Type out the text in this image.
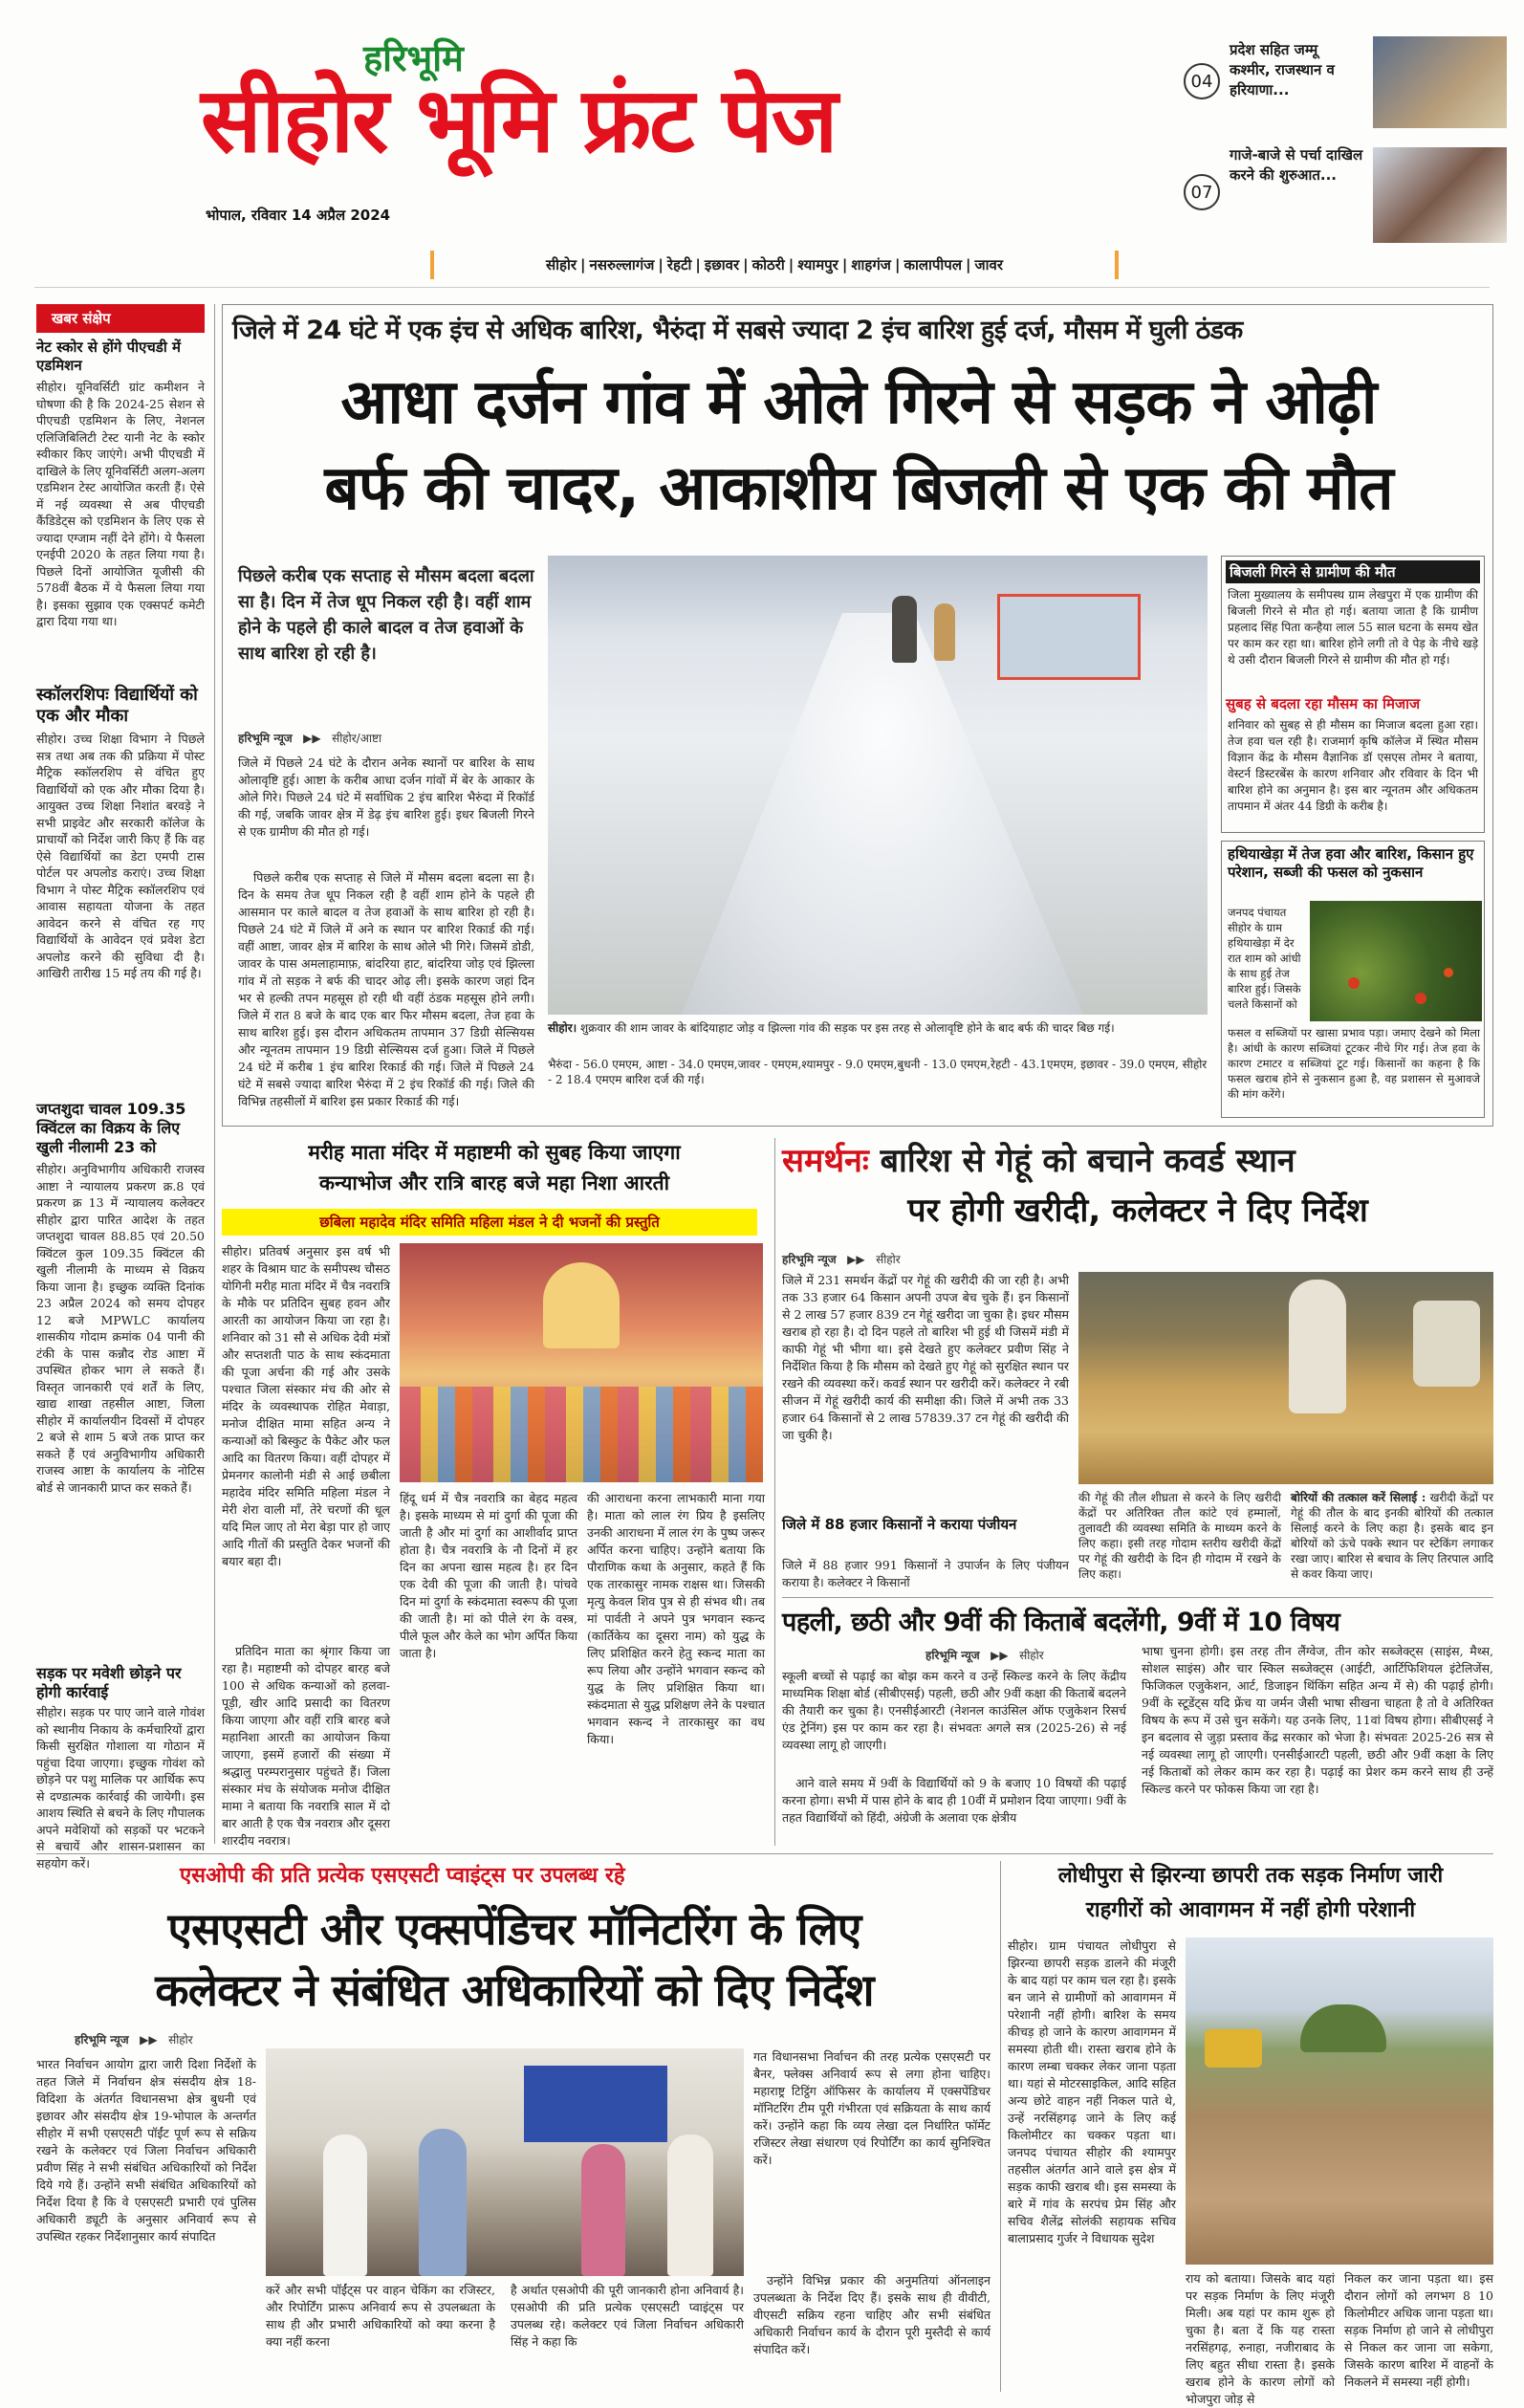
हरिभूमि
सीहोर भूमि फ्रंट पेज
भोपाल, रविवार 14 अप्रैल 2024
04
प्रदेश सहित जम्मू कश्मीर, राजस्थान व हरियाणा...
07
गाजे-बाजे से पर्चा दाखिल करने की शुरुआत...
सीहोर | नसरुल्लागंज | रेहटी | इछावर | कोठरी | श्यामपुर | शाहगंज | कालापीपल | जावर
खबर संक्षेप
नेट स्कोर से होंगे पीएचडी में एडमिशन
सीहोर। यूनिवर्सिटी ग्रांट कमीशन ने घोषणा की है कि 2024-25 सेशन से पीएचडी एडमिशन के लिए, नेशनल एलिजिबिलिटी टेस्ट यानी नेट के स्कोर स्वीकार किए जाएंगे। अभी पीएचडी में दाखिले के लिए यूनिवर्सिटी अलग-अलग एडमिशन टेस्ट आयोजित करती हैं। ऐसे में नई व्यवस्था से अब पीएचडी कैंडिडेट्स को एडमिशन के लिए एक से ज्यादा एग्जाम नहीं देने होंगे। ये फैसला एनईपी 2020 के तहत लिया गया है। पिछले दिनों आयोजित यूजीसी की 578वीं बैठक में ये फैसला लिया गया है। इसका सुझाव एक एक्सपर्ट कमेटी द्वारा दिया गया था।
स्कॉलरशिपः विद्यार्थियों को एक और मौका
सीहोर। उच्च शिक्षा विभाग ने पिछले सत्र तथा अब तक की प्रक्रिया में पोस्ट मैट्रिक स्कॉलरशिप से वंचित हुए विद्यार्थियों को एक और मौका दिया है। आयुक्त उच्च शिक्षा निशांत बरवड़े ने सभी प्राइवेट और सरकारी कॉलेज के प्राचार्यों को निर्देश जारी किए हैं कि वह ऐसे विद्यार्थियों का डेटा एमपी टास पोर्टल पर अपलोड कराएं। उच्च शिक्षा विभाग ने पोस्ट मैट्रिक स्कॉलरशिप एवं आवास सहायता योजना के तहत आवेदन करने से वंचित रह गए विद्यार्थियों के आवेदन एवं प्रवेश डेटा अपलोड करने की सुविधा दी है। आखिरी तारीख 15 मई तय की गई है।
जप्तशुदा चावल 109.35 क्विंटल का विक्रय के लिए खुली नीलामी 23 को
सीहोर। अनुविभागीय अधिकारी राजस्व आष्टा ने न्यायालय प्रकरण क्र.8 एवं प्रकरण क्र 13 में न्यायालय कलेक्टर सीहोर द्वारा पारित आदेश के तहत जप्तशुदा चावल 88.85 एवं 20.50 क्विंटल कुल 109.35 क्विंटल की खुली नीलामी के माध्यम से विक्रय किया जाना है। इच्छुक व्यक्ति दिनांक 23 अप्रैल 2024 को समय दोपहर 12 बजे MPWLC कार्यालय शासकीय गोदाम क्रमांक 04 पानी की टंकी के पास कन्नौद रोड आष्टा में उपस्थित होकर भाग ले सकते हैं। विस्तृत जानकारी एवं शर्तें के लिए, खाद्य शाखा तहसील आष्टा, जिला सीहोर में कार्यालयीन दिवसों में दोपहर 2 बजे से शाम 5 बजे तक प्राप्त कर सकते हैं एवं अनुविभागीय अधिकारी राजस्व आष्टा के कार्यालय के नोटिस बोर्ड से जानकारी प्राप्त कर सकते हैं।
सड़क पर मवेशी छोड़ने पर होगी कार्रवाई
सीहोर। सड़क पर पाए जाने वाले गोवंश को स्थानीय निकाय के कर्मचारियों द्वारा किसी सुरक्षित गोशाला या गोठान में पहुंचा दिया जाएगा। इच्छुक गोवंश को छोड़ने पर पशु मालिक पर आर्थिक रूप से दण्डात्मक कार्रवाई की जायेगी। इस आशय स्थिति से बचने के लिए गौपालक अपने मवेशियों को सड़कों पर भटकने से बचायें और शासन-प्रशासन का सहयोग करें।
जिले में 24 घंटे में एक इंच से अधिक बारिश, भैरुंदा में सबसे ज्यादा 2 इंच बारिश हुई दर्ज, मौसम में घुली ठंडक
आधा दर्जन गांव में ओले गिरने से सड़क ने ओढ़ी
बर्फ की चादर, आकाशीय बिजली से एक की मौत
पिछले करीब एक सप्ताह से मौसम बदला बदला सा है। दिन में तेज धूप निकल रही है। वहीं शाम होने के पहले ही काले बादल व तेज हवाओं के साथ बारिश हो रही है।
हरिभूमि न्यूज ▶▶ सीहोर/आष्टा
जिले में पिछले 24 घंटे के दौरान अनेक स्थानों पर बारिश के साथ ओलावृष्टि हुई। आष्टा के करीब आधा दर्जन गांवों में बेर के आकार के ओले गिरे। पिछले 24 घंटे में सर्वाधिक 2 इंच बारिश भैरुंदा में रिकॉर्ड की गई, जबकि जावर क्षेत्र में डेढ़ इंच बारिश हुई। इधर बिजली गिरने से एक ग्रामीण की मौत हो गई।
पिछले करीब एक सप्ताह से जिले में मौसम बदला बदला सा है। दिन के समय तेज धूप निकल रही है वहीं शाम होने के पहले ही आसमान पर काले बादल व तेज हवाओं के साथ बारिश हो रही है। पिछले 24 घंटे में जिले में अने क स्थान पर बारिश रिकार्ड की गई। वहीं आष्टा, जावर क्षेत्र में बारिश के साथ ओले भी गिरे। जिसमें डोडी, जावर के पास अमलाहामाफ़, बांदरिया हाट, बांदरिया जोड़ एवं झिल्ला गांव में तो सड़क ने बर्फ की चादर ओढ़ ली। इसके कारण जहां दिन भर से हल्की तपन महसूस हो रही थी वहीं ठंडक महसूस होने लगी। जिले में रात 8 बजे के बाद एक बार फिर मौसम बदला, तेज हवा के साथ बारिश हुई। इस दौरान अधिकतम तापमान 37 डिग्री सेल्सियस और न्यूनतम तापमान 19 डिग्री सेल्सियस दर्ज हुआ। जिले में पिछले 24 घंटे में करीब 1 इंच बारिश रिकार्ड की गई। जिले में पिछले 24 घंटे में सबसे ज्यादा बारिश भैरुंदा में 2 इंच रिकॉर्ड की गई। जिले की विभिन्न तहसीलों में बारिश इस प्रकार रिकार्ड की गई।
सीहोर। शुक्रवार की शाम जावर के बांदियाहाट जोड़ व झिल्ला गांव की सड़क पर इस तरह से ओलावृष्टि होने के बाद बर्फ की चादर बिछ गई।
भैरुंदा - 56.0 एमएम, आष्टा - 34.0 एमएम,जावर - एमएम,श्यामपुर - 9.0 एमएम,बुधनी - 13.0 एमएम,रेहटी - 43.1एमएम, इछावर - 39.0 एमएम, सीहोर - 2 18.4 एमएम बारिश दर्ज की गई।
बिजली गिरने से ग्रामीण की मौत
जिला मुख्यालय के समीपस्थ ग्राम लेखपुरा में एक ग्रामीण की बिजली गिरने से मौत हो गई। बताया जाता है कि ग्रामीण प्रहलाद सिंह पिता कन्हैया लाल 55 साल घटना के समय खेत पर काम कर रहा था। बारिश होने लगी तो वे पेड़ के नीचे खड़े थे उसी दौरान बिजली गिरने से ग्रामीण की मौत हो गई।
सुबह से बदला रहा मौसम का मिजाज
शनिवार को सुबह से ही मौसम का मिजाज बदला हुआ रहा। तेज हवा चल रही है। राजमार्ग कृषि कॉलेज में स्थित मौसम विज्ञान केंद्र के मौसम वैज्ञानिक डॉ एसएस तोमर ने बताया, वेस्टर्न डिस्टरबेंस के कारण शनिवार और रविवार के दिन भी बारिश होने का अनुमान है। इस बार न्यूनतम और अधिकतम तापमान में अंतर 44 डिग्री के करीब है।
हथियाखेड़ा में तेज हवा और बारिश, किसान हुए परेशान, सब्जी की फसल को नुकसान
जनपद पंचायत सीहोर के ग्राम हथियाखेड़ा में देर रात शाम को आंधी के साथ हुई तेज बारिश हुई। जिसके चलते किसानों को
फसल व सब्जियों पर खासा प्रभाव पड़ा। जमाए देखने को मिला है। आंधी के कारण सब्जियां टूटकर नीचे गिर गई। तेज हवा के कारण टमाटर व सब्जियां टूट गई। किसानों का कहना है कि फसल खराब होने से नुकसान हुआ है, वह प्रशासन से मुआवजे की मांग करेंगे।
मरीह माता मंदिर में महाष्टमी को सुबह किया जाएगा
कन्याभोज और रात्रि बारह बजे महा निशा आरती
छबिला महादेव मंदिर समिति महिला मंडल ने दी भजनों की प्रस्तुति
सीहोर। प्रतिवर्ष अनुसार इस वर्ष भी शहर के विश्राम घाट के समीपस्थ चौसठ योगिनी मरीह माता मंदिर में चैत्र नवरात्रि के मौके पर प्रतिदिन सुबह हवन और आरती का आयोजन किया जा रहा है। शनिवार को 31 सौ से अधिक देवी मंत्रों और सप्तशती पाठ के साथ स्कंदमाता की पूजा अर्चना की गई और उसके पश्चात जिला संस्कार मंच की ओर से मंदिर के व्यवस्थापक रोहित मेवाड़ा, मनोज दीक्षित मामा सहित अन्य ने कन्याओं को बिस्कुट के पैकेट और फल आदि का वितरण किया। वहीं दोपहर में प्रेमनगर कालोनी मंडी से आई छबीला महादेव मंदिर समिति महिला मंडल ने मेरी शेरा वाली माँ, तेरे चरणों की धूल यदि मिल जाए तो मेरा बेड़ा पार हो जाए आदि गीतों की प्रस्तुति देकर भजनों की बयार बहा दी।
प्रतिदिन माता का श्रृंगार किया जा रहा है। महाष्टमी को दोपहर बारह बजे 100 से अधिक कन्याओं को हलवा-पूड़ी, खीर आदि प्रसादी का वितरण किया जाएगा और वहीं रात्रि बारह बजे महानिशा आरती का आयोजन किया जाएगा, इसमें हजारों की संख्या में श्रद्धालु परम्परानुसार पहुंचते हैं। जिला संस्कार मंच के संयोजक मनोज दीक्षित मामा ने बताया कि नवरात्रि साल में दो बार आती है एक चैत्र नवरात्र और दूसरा शारदीय नवरात्र।
हिंदू धर्म में चैत्र नवरात्रि का बेहद महत्व है। इसके माध्यम से मां दुर्गा की पूजा की जाती है और मां दुर्गा का आशीर्वाद प्राप्त होता है। चैत्र नवरात्रि के नौ दिनों में हर दिन का अपना खास महत्व है। हर दिन एक देवी की पूजा की जाती है। पांचवे दिन मां दुर्गा के स्कंदमाता स्वरूप की पूजा की जाती है। मां को पीले रंग के वस्त्र, पीले फूल और केले का भोग अर्पित किया जाता है।
की आराधना करना लाभकारी माना गया है। माता को लाल रंग प्रिय है इसलिए उनकी आराधना में लाल रंग के पुष्प जरूर अर्पित करना चाहिए। उन्होंने बताया कि पौराणिक कथा के अनुसार, कहते हैं कि एक तारकासुर नामक राक्षस था। जिसकी मृत्यु केवल शिव पुत्र से ही संभव थी। तब मां पार्वती ने अपने पुत्र भगवान स्कन्द (कार्तिकेय का दूसरा नाम) को युद्ध के लिए प्रशिक्षित करने हेतु स्कन्द माता का रूप लिया और उन्होंने भगवान स्कन्द को युद्ध के लिए प्रशिक्षित किया था। स्कंदमाता से युद्ध प्रशिक्षण लेने के पश्चात भगवान स्कन्द ने तारकासुर का वध किया।
समर्थनः बारिश से गेहूं को बचाने कवर्ड स्थान
पर होगी खरीदी, कलेक्टर ने दिए निर्देश
हरिभूमि न्यूज ▶▶ सीहोर
जिले में 231 समर्थन केंद्रों पर गेहूं की खरीदी की जा रही है। अभी तक 33 हजार 64 किसान अपनी उपज बेच चुके हैं। इन किसानों से 2 लाख 57 हजार 839 टन गेहूं खरीदा जा चुका है। इधर मौसम खराब हो रहा है। दो दिन पहले तो बारिश भी हुई थी जिसमें मंडी में काफी गेहूं भी भीगा था। इसे देखते हुए कलेक्टर प्रवीण सिंह ने निर्देशित किया है कि मौसम को देखते हुए गेहूं को सुरक्षित स्थान पर रखने की व्यवस्था करें। कवर्ड स्थान पर खरीदी करें। कलेक्टर ने रबी सीजन में गेहूं खरीदी कार्य की समीक्षा की। जिले में अभी तक 33 हजार 64 किसानों से 2 लाख 57839.37 टन गेहूं की खरीदी की जा चुकी है।
जिले में 88 हजार किसानों ने कराया पंजीयन
जिले में 88 हजार 991 किसानों ने उपार्जन के लिए पंजीयन कराया है। कलेक्टर ने किसानों
की गेहूं की तौल शीघ्रता से करने के लिए खरीदी केंद्रों पर अतिरिक्त तौल कांटे एवं हम्मालों, तुलावटी की व्यवस्था समिति के माध्यम करने के लिए कहा। इसी तरह गोदाम स्तरीय खरीदी केंद्रों पर गेहूं की खरीदी के दिन ही गोदाम में रखने के लिए कहा।
बोरियों की तत्काल करें सिलाई : खरीदी केंद्रों पर गेहूं की तौल के बाद इनकी बोरियों की तत्काल सिलाई करने के लिए कहा है। इसके बाद इन बोरियों को ऊंचे पक्के स्थान पर स्टेकिंग लगाकर रखा जाए। बारिश से बचाव के लिए तिरपाल आदि से कवर किया जाए।
पहली, छठी और 9वीं की किताबें बदलेंगी, 9वीं में 10 विषय
हरिभूमि न्यूज ▶▶ सीहोर
स्कूली बच्चों से पढ़ाई का बोझ कम करने व उन्हें स्किल्ड करने के लिए केंद्रीय माध्यमिक शिक्षा बोर्ड (सीबीएसई) पहली, छठी और 9वीं कक्षा की किताबें बदलने की तैयारी कर चुका है। एनसीईआरटी (नेशनल काउंसिल ऑफ एजुकेशन रिसर्च एंड ट्रेनिंग) इस पर काम कर रहा है। संभवतः अगले सत्र (2025-26) से नई व्यवस्था लागू हो जाएगी।
आने वाले समय में 9वीं के विद्यार्थियों को 9 के बजाए 10 विषयों की पढ़ाई करना होगा। सभी में पास होने के बाद ही 10वीं में प्रमोशन दिया जाएगा। 9वीं के तहत विद्यार्थियों को हिंदी, अंग्रेजी के अलावा एक क्षेत्रीय
भाषा चुनना होगी। इस तरह तीन लैंग्वेज, तीन कोर सब्जेक्ट्स (साइंस, मैथ्स, सोशल साइंस) और चार स्किल सब्जेक्ट्स (आईटी, आर्टिफिशियल इंटेलिजेंस, फिजिकल एजुकेशन, आर्ट, डिजाइन थिंकिंग सहित अन्य में से) की पढ़ाई होगी। 9वीं के स्टूडेंट्स यदि फ्रेंच या जर्मन जैसी भाषा सीखना चाहता है तो वे अतिरिक्त विषय के रूप में उसे चुन सकेंगे। यह उनके लिए, 11वां विषय होगा। सीबीएसई ने इन बदलाव से जुड़ा प्रस्ताव केंद्र सरकार को भेजा है। संभवतः 2025-26 सत्र से नई व्यवस्था लागू हो जाएगी। एनसीईआरटी पहली, छठी और 9वीं कक्षा के लिए नई किताबों को लेकर काम कर रहा है। पढ़ाई का प्रेशर कम करने साथ ही उन्हें स्किल्ड करने पर फोकस किया जा रहा है।
एसओपी की प्रति प्रत्येक एसएसटी प्वाइंट्स पर उपलब्ध रहे
एसएसटी और एक्सपेंडिचर मॉनिटरिंग के लिए
कलेक्टर ने संबंधित अधिकारियों को दिए निर्देश
हरिभूमि न्यूज ▶▶ सीहोर
भारत निर्वाचन आयोग द्वारा जारी दिशा निर्देशों के तहत जिले में निर्वाचन क्षेत्र संसदीय क्षेत्र 18-विदिशा के अंतर्गत विधानसभा क्षेत्र बुधनी एवं इछावर और संसदीय क्षेत्र 19-भोपाल के अन्तर्गत सीहोर में सभी एसएसटी पॉईंट पूर्ण रूप से सक्रिय रखने के कलेक्टर एवं जिला निर्वाचन अधिकारी प्रवीण सिंह ने सभी संबंधित अधिकारियों को निर्देश दिये गये हैं। उन्होंने सभी संबंधित अधिकारियों को निर्देश दिया है कि वे एसएसटी प्रभारी एवं पुलिस अधिकारी ड्यूटी के अनुसार अनिवार्य रूप से उपस्थित रहकर निर्देशानुसार कार्य संपादित
करें और सभी पॉईंट्स पर वाहन चेकिंग का रजिस्टर, और रिपोर्टिंग प्रारूप अनिवार्य रूप से उपलब्धता के साथ ही और प्रभारी अधिकारियों को क्या करना है क्या नहीं करना
है अर्थात एसओपी की पूरी जानकारी होना अनिवार्य है। एसओपी की प्रति प्रत्येक एसएसटी प्वाइंट्स पर उपलब्ध रहे। कलेक्टर एवं जिला निर्वाचन अधिकारी सिंह ने कहा कि
गत विधानसभा निर्वाचन की तरह प्रत्येक एसएसटी पर बैनर, फ्लेक्स अनिवार्य रूप से लगा होना चाहिए। महाराष्ट्र टिट्ठिंग ऑफिसर के कार्यालय में एक्सपेंडिचर मॉनिटरिंग टीम पूरी गंभीरता एवं सक्रियता के साथ कार्य करें। उन्होंने कहा कि व्यय लेखा दल निर्धारित फॉर्मेट रजिस्टर लेखा संधारण एवं रिपोर्टिंग का कार्य सुनिश्चित करें।
उन्होंने विभिन्न प्रकार की अनुमतियां ऑनलाइन उपलब्धता के निर्देश दिए हैं। इसके साथ ही वीवीटी, वीएसटी सक्रिय रहना चाहिए और सभी संबंधित अधिकारी निर्वाचन कार्य के दौरान पूरी मुस्तैदी से कार्य संपादित करें।
लोधीपुरा से झिरन्या छापरी तक सड़क निर्माण जारी
राहगीरों को आवागमन में नहीं होगी परेशानी
सीहोर। ग्राम पंचायत लोधीपुरा से झिरन्या छापरी सड़क डालने की मंजूरी के बाद यहां पर काम चल रहा है। इसके बन जाने से ग्रामीणों को आवागमन में परेशानी नहीं होगी। बारिश के समय कीचड़ हो जाने के कारण आवागमन में समस्या होती थी। रास्ता खराब होने के कारण लम्बा चक्कर लेकर जाना पड़ता था। यहां से मोटरसाइकिल, आदि सहित अन्य छोटे वाहन नहीं निकल पाते थे, उन्हें नरसिंहगढ़ जाने के लिए कई किलोमीटर का चक्कर पड़ता था। जनपद पंचायत सीहोर की श्यामपुर तहसील अंतर्गत आने वाले इस क्षेत्र में सड़क काफी खराब थी। इस समस्या के बारे में गांव के सरपंच प्रेम सिंह और सचिव शैलेंद्र सोलंकी सहायक सचिव बालाप्रसाद गुर्जर ने विधायक सुदेश
राय को बताया। जिसके बाद यहां पर सड़क निर्माण के लिए मंजूरी मिली। अब यहां पर काम शुरू हो चुका है। बता दें कि यह रास्ता नरसिंहगढ़, रुनाहा, नजीराबाद के लिए बहुत सीधा रास्ता है। इसके खराब होने के कारण लोगों को भोजपुरा जोड़ से
निकल कर जाना पड़ता था। इस दौरान लोगों को लगभग 8 10 किलोमीटर अधिक जाना पड़ता था। सड़क निर्माण हो जाने से लोधीपुरा से निकल कर जाना जा सकेगा, जिसके कारण बारिश में वाहनों के निकलने में समस्या नहीं होगी।
